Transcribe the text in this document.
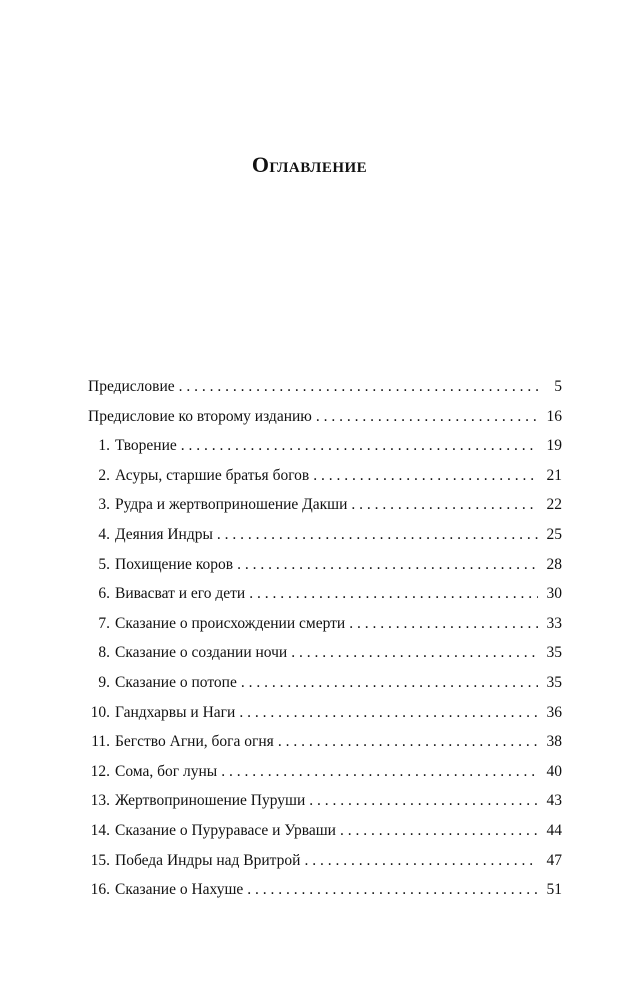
Оглавление
Предисловие . . .	5
Предисловие ко второму изданию . . .	16
1. Творение . . .	19
2. Асуры, старшие братья богов . . .	21
3. Рудра и жертвоприношение Дакши . . .	22
4. Деяния Индры . . .	25
5. Похищение коров . . .	28
6. Вивасват и его дети . . .	30
7. Сказание о происхождении смерти . . .	33
8. Сказание о создании ночи . . .	35
9. Сказание о потопе . . .	35
10. Гандхарвы и Наги . . .	36
11. Бегство Агни, бога огня . . .	38
12. Сома, бог луны . . .	40
13. Жертвоприношение Пуруши . . .	43
14. Сказание о Пуруравасе и Урваши . . .	44
15. Победа Индры над Вритрой . . .	47
16. Сказание о Нахуше . . .	51
